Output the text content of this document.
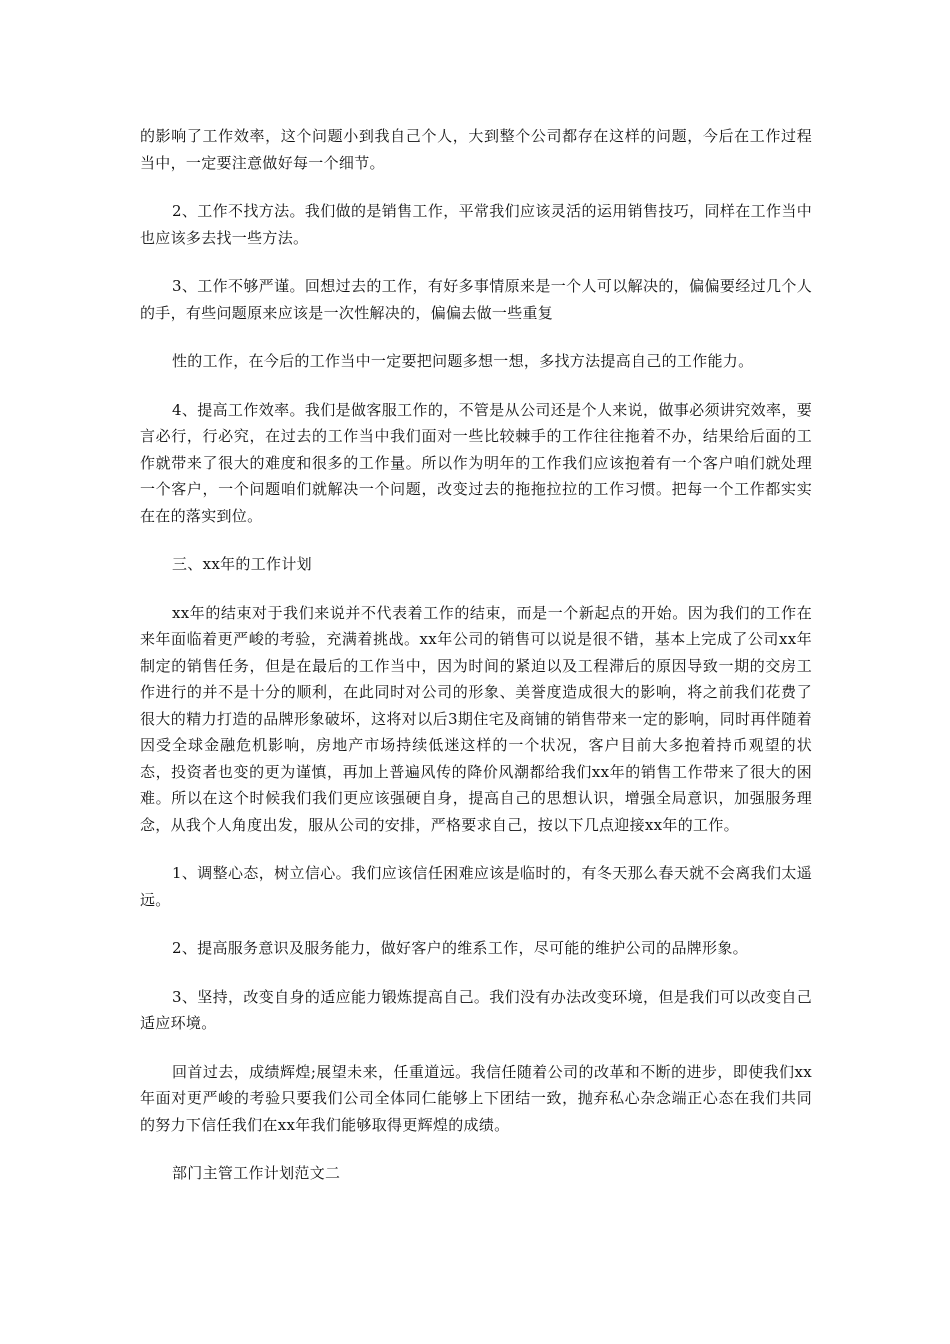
的影响了工作效率，这个问题小到我自己个人，大到整个公司都存在这样的问题，今后在工作过程当中，一定要注意做好每一个细节。

2、工作不找方法。我们做的是销售工作，平常我们应该灵活的运用销售技巧，同样在工作当中也应该多去找一些方法。

3、工作不够严谨。回想过去的工作，有好多事情原来是一个人可以解决的，偏偏要经过几个人的手，有些问题原来应该是一次性解决的，偏偏去做一些重复

性的工作，在今后的工作当中一定要把问题多想一想，多找方法提高自己的工作能力。

4、提高工作效率。我们是做客服工作的，不管是从公司还是个人来说，做事必须讲究效率，要言必行，行必究，在过去的工作当中我们面对一些比较棘手的工作往往拖着不办，结果给后面的工作就带来了很大的难度和很多的工作量。所以作为明年的工作我们应该抱着有一个客户咱们就处理一个客户，一个问题咱们就解决一个问题，改变过去的拖拖拉拉的工作习惯。把每一个工作都实实在在的落实到位。

三、xx年的工作计划

xx年的结束对于我们来说并不代表着工作的结束，而是一个新起点的开始。因为我们的工作在来年面临着更严峻的考验，充满着挑战。xx年公司的销售可以说是很不错，基本上完成了公司xx年制定的销售任务，但是在最后的工作当中，因为时间的紧迫以及工程滞后的原因导致一期的交房工作进行的并不是十分的顺利，在此同时对公司的形象、美誉度造成很大的影响，将之前我们花费了很大的精力打造的品牌形象破坏，这将对以后3期住宅及商铺的销售带来一定的影响，同时再伴随着因受全球金融危机影响，房地产市场持续低迷这样的一个状况，客户目前大多抱着持币观望的状态，投资者也变的更为谨慎，再加上普遍风传的降价风潮都给我们xx年的销售工作带来了很大的困难。所以在这个时候我们我们更应该强硬自身，提高自己的思想认识，增强全局意识，加强服务理念，从我个人角度出发，服从公司的安排，严格要求自己，按以下几点迎接xx年的工作。

1、调整心态，树立信心。我们应该信任困难应该是临时的，有冬天那么春天就不会离我们太遥远。

2、提高服务意识及服务能力，做好客户的维系工作，尽可能的维护公司的品牌形象。

3、坚持，改变自身的适应能力锻炼提高自己。我们没有办法改变环境，但是我们可以改变自己适应环境。

回首过去，成绩辉煌;展望未来，任重道远。我信任随着公司的改革和不断的进步，即使我们xx年面对更严峻的考验只要我们公司全体同仁能够上下团结一致，抛弃私心杂念端正心态在我们共同的努力下信任我们在xx年我们能够取得更辉煌的成绩。

部门主管工作计划范文二
